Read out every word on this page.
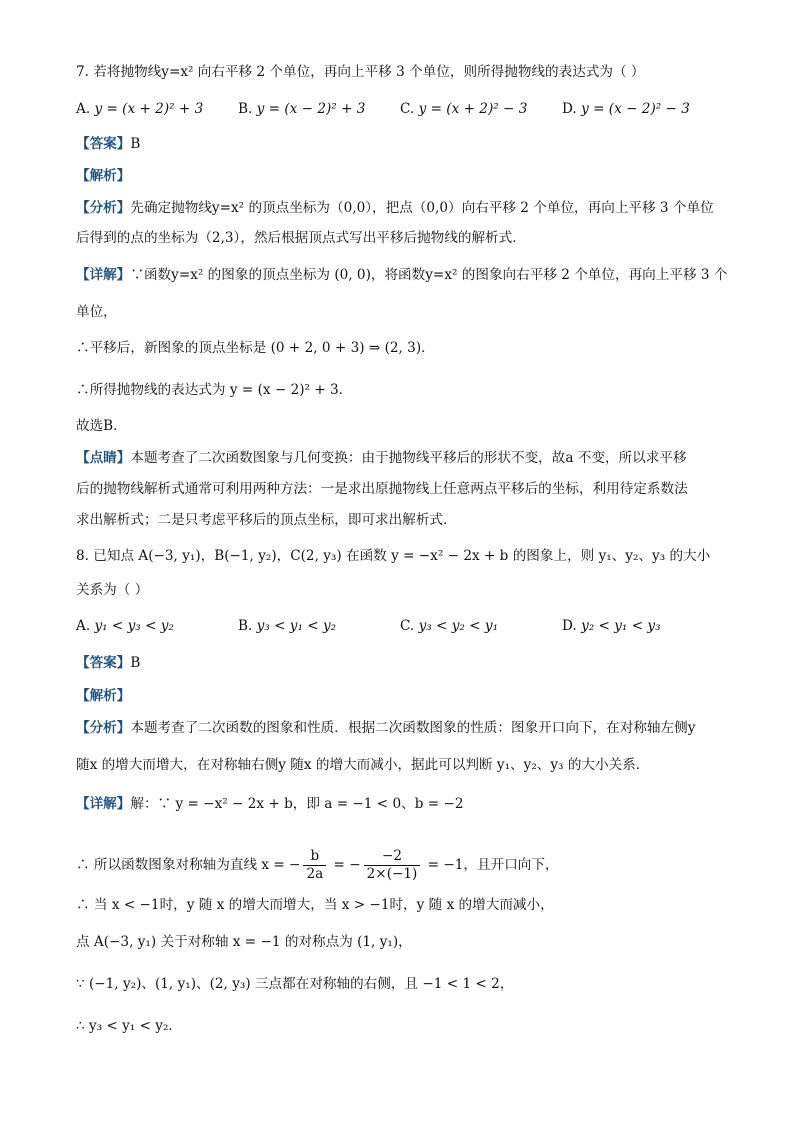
7. 若将抛物线y=x² 向右平移 2 个单位，再向上平移 3 个单位，则所得抛物线的表达式为（ ）
A. y = (x + 2)² + 3	B. y = (x − 2)² + 3	C. y = (x + 2)² − 3	D. y = (x − 2)² − 3
【答案】B
【解析】
【分析】先确定抛物线y=x² 的顶点坐标为（0,0），把点（0,0）向右平移 2 个单位，再向上平移 3 个单位
后得到的点的坐标为（2,3），然后根据顶点式写出平移后抛物线的解析式．
【详解】∵函数y=x² 的图象的顶点坐标为 (0, 0)，将函数y=x² 的图象向右平移 2 个单位，再向上平移 3 个
单位，
∴平移后，新图象的顶点坐标是 (0 + 2, 0 + 3) ⇒ (2, 3)．
∴所得抛物线的表达式为 y = (x − 2)² + 3．
故选B．
【点睛】本题考查了二次函数图象与几何变换：由于抛物线平移后的形状不变，故a 不变，所以求平移
后的抛物线解析式通常可利用两种方法：一是求出原抛物线上任意两点平移后的坐标，利用待定系数法
求出解析式；二是只考虑平移后的顶点坐标，即可求出解析式．
8. 已知点 A(−3, y₁)，B(−1, y₂)，C(2, y₃) 在函数 y = −x² − 2x + b 的图象上，则 y₁、y₂、y₃ 的大小
关系为（ ）
A. y₁ < y₃ < y₂	B. y₃ < y₁ < y₂	C. y₃ < y₂ < y₁	D. y₂ < y₁ < y₃
【答案】B
【解析】
【分析】本题考查了二次函数的图象和性质．根据二次函数图象的性质：图象开口向下，在对称轴左侧y
随x 的增大而增大，在对称轴右侧y 随x 的增大而减小，据此可以判断 y₁、y₂、y₃ 的大小关系．
【详解】解：∵ y = −x² − 2x + b，即 a = −1 < 0、b = −2
∴ 所以函数图象对称轴为直线 x = − $\frac{b}{2a}$ = − $\frac{-2}{2\times(-1)} = -1$，且开口向下，
∴ 当 x < −1时，y 随 x 的增大而增大，当 x > −1时，y 随 x 的增大而减小，
点 A(−3, y₁) 关于对称轴 x = −1 的对称点为 (1, y₁)，
∵ (−1, y₂)、(1, y₁)、(2, y₃) 三点都在对称轴的右侧，且 −1 < 1 < 2，
∴ y₃ < y₁ < y₂．
